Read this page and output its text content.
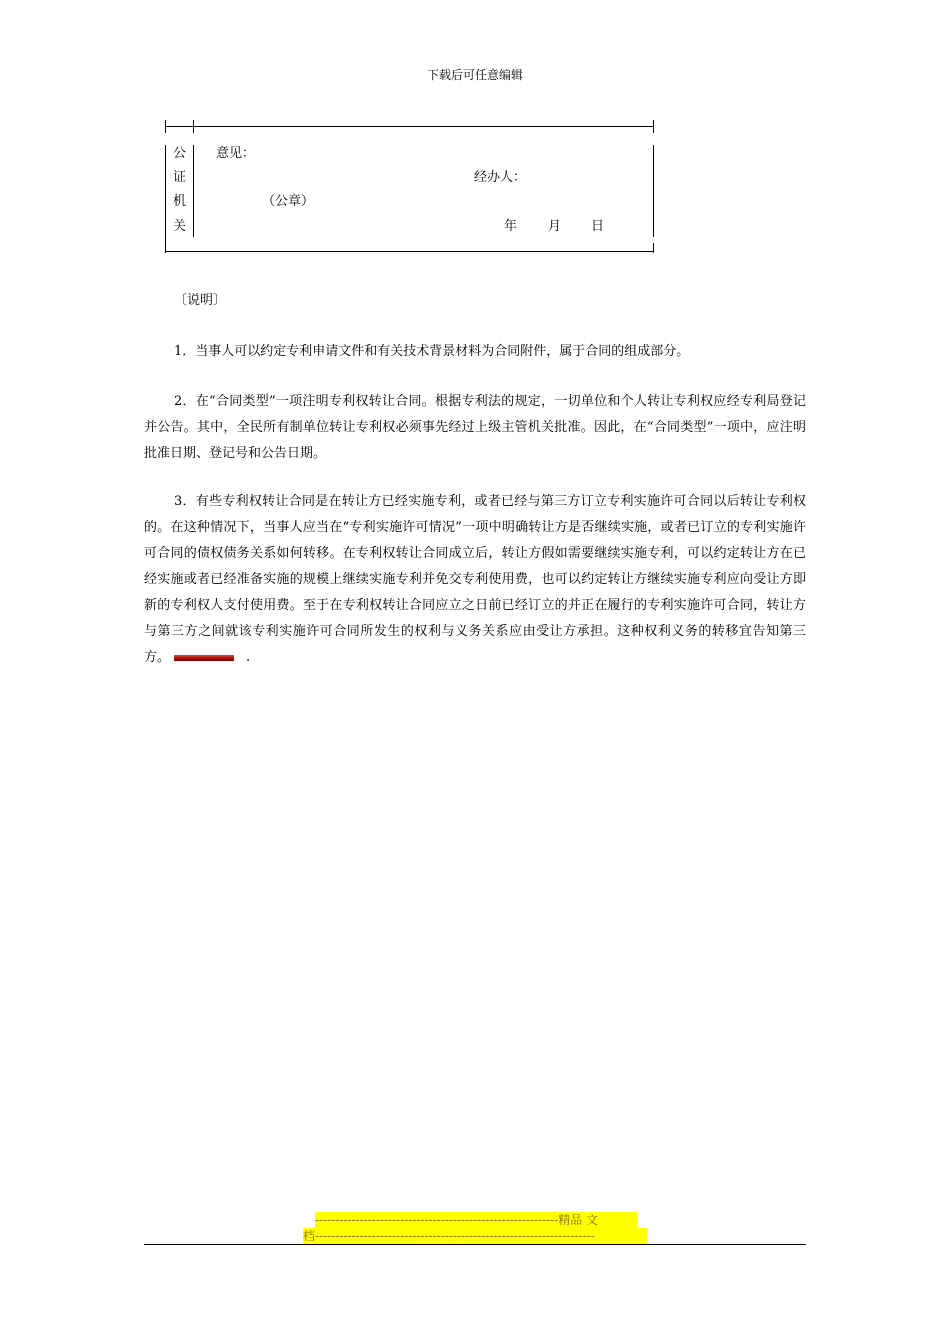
下载后可任意编辑
公
证
机
关
意见：
经办人：
（公章）
年 月 日
〔说明〕
1．当事人可以约定专利申请文件和有关技术背景材料为合同附件，属于合同的组成部分。
2．在“合同类型”一项注明专利权转让合同。根据专利法的规定，一切单位和个人转让专利权应经专利局登记并公告。其中，全民所有制单位转让专利权必须事先经过上级主管机关批准。因此，在“合同类型”一项中，应注明批准日期、登记号和公告日期。
3．有些专利权转让合同是在转让方已经实施专利，或者已经与第三方订立专利实施许可合同以后转让专利权的。在这种情况下，当事人应当在“专利实施许可情况”一项中明确转让方是否继续实施，或者已订立的专利实施许可合同的债权债务关系如何转移。在专利权转让合同成立后，转让方假如需要继续实施专利，可以约定转让方在已经实施或者已经准备实施的规模上继续实施专利并免交专利使用费，也可以约定转让方继续实施专利应向受让方即新的专利权人支付使用费。至于在专利权转让合同应立之日前已经订立的并正在履行的专利实施许可合同，转让方与第三方之间就该专利实施许可合同所发生的权利与义务关系应由受让方承担。这种权利义务的转移宜告知第三方。	.
------------------------------------------------------------精品 文
档---------------------------------------------------------------------
